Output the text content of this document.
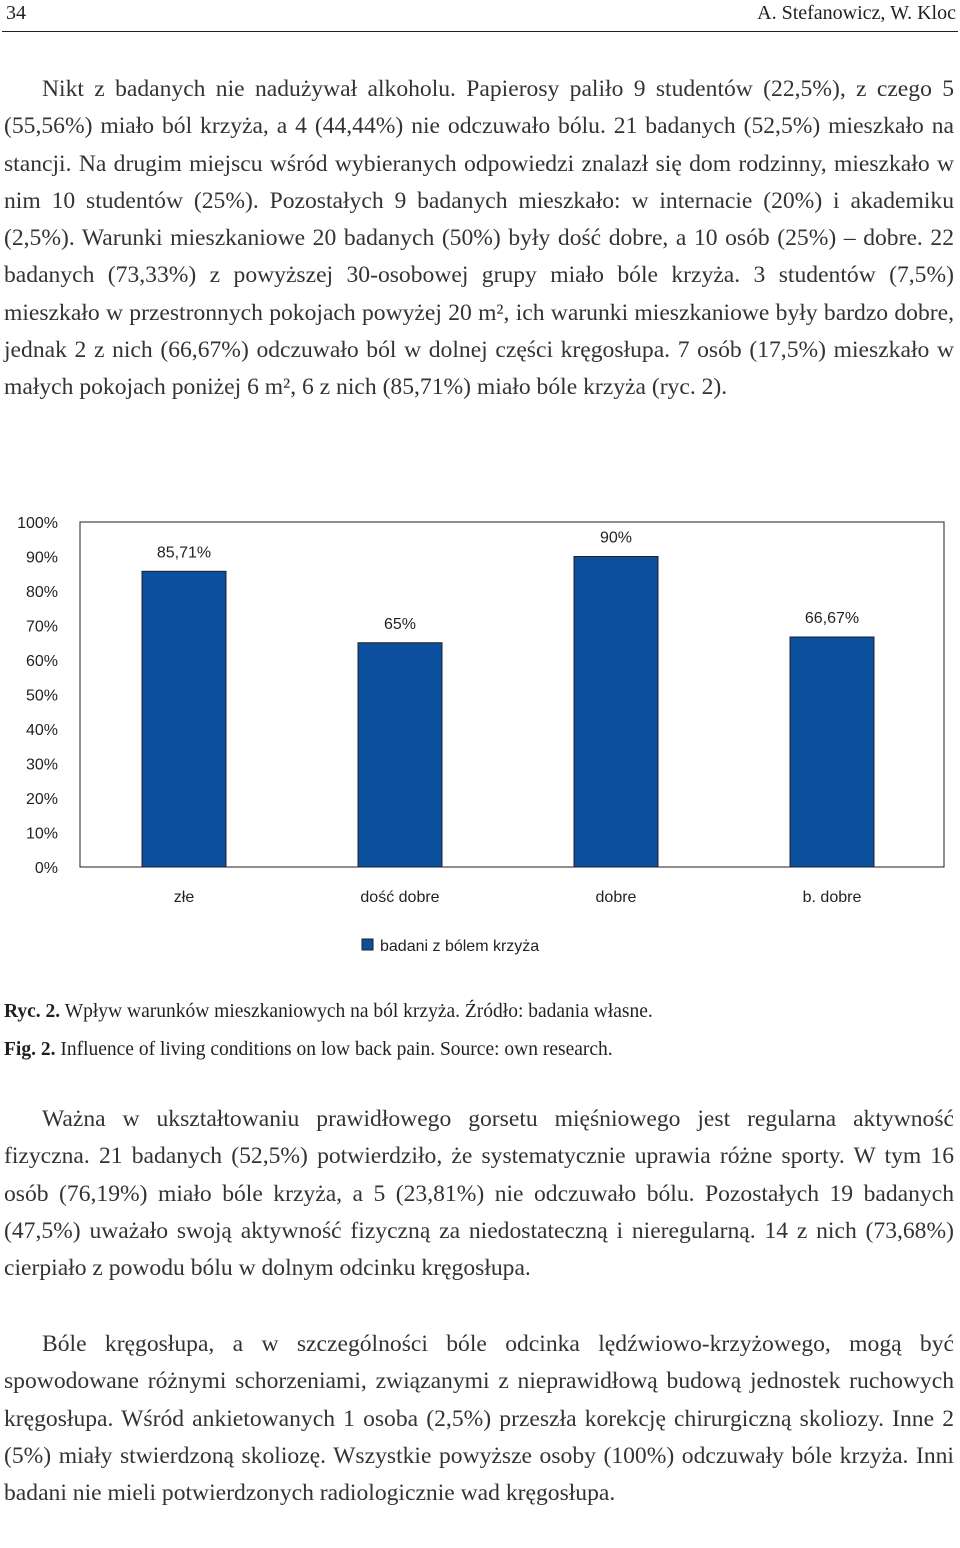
34	A. Stefanowicz, W. Kloc

Nikt z badanych nie nadużywał alkoholu. Papierosy paliło 9 studentów (22,5%), z czego 5 (55,56%) miało ból krzyża, a 4 (44,44%) nie odczuwało bólu. 21 badanych (52,5%) mieszkało na stancji. Na drugim miejscu wśród wybieranych odpowiedzi znalazł się dom rodzinny, mieszkało w nim 10 studentów (25%). Pozostałych 9 badanych mieszkało: w internacie (20%) i akademiku (2,5%). Warunki mieszkaniowe 20 badanych (50%) były dość dobre, a 10 osób (25%) – dobre. 22 badanych (73,33%) z powyższej 30-osobowej grupy miało bóle krzyża. 3 studentów (7,5%) mieszkało w przestronnych pokojach powyżej 20 m², ich warunki mieszkaniowe były bardzo dobre, jednak 2 z nich (66,67%) odczuwało ból w dolnej części kręgosłupa. 7 osób (17,5%) mieszkało w małych pokojach poniżej 6 m², 6 z nich (85,71%) miało bóle krzyża (ryc. 2).

0%
10%
20%
30%
40%
50%
60%
70%
80%
90%
100%
85,71%
złe
65%
dość dobre
90%
dobre
66,67%
b. dobre
badani z bólem krzyża
Ryc. 2. Wpływ warunków mieszkaniowych na ból krzyża. Źródło: badania własne.
Fig. 2. Influence of living conditions on low back pain. Source: own research.

Ważna w ukształtowaniu prawidłowego gorsetu mięśniowego jest regularna aktywność fizyczna. 21 badanych (52,5%) potwierdziło, że systematycznie uprawia różne sporty. W tym 16 osób (76,19%) miało bóle krzyża, a 5 (23,81%) nie odczuwało bólu. Pozostałych 19 badanych (47,5%) uważało swoją aktywność fizyczną za niedostateczną i nieregularną. 14 z nich (73,68%) cierpiało z powodu bólu w dolnym odcinku kręgosłupa.

Bóle kręgosłupa, a w szczególności bóle odcinka lędźwiowo-krzyżowego, mogą być spowodowane różnymi schorzeniami, związanymi z nieprawidłową budową jednostek ruchowych kręgosłupa. Wśród ankietowanych 1 osoba (2,5%) przeszła korekcję chirurgiczną skoliozy. Inne 2 (5%) miały stwierdzoną skoliozę. Wszystkie powyższe osoby (100%) odczuwały bóle krzyża. Inni badani nie mieli potwierdzonych radiologicznie wad kręgosłupa.
